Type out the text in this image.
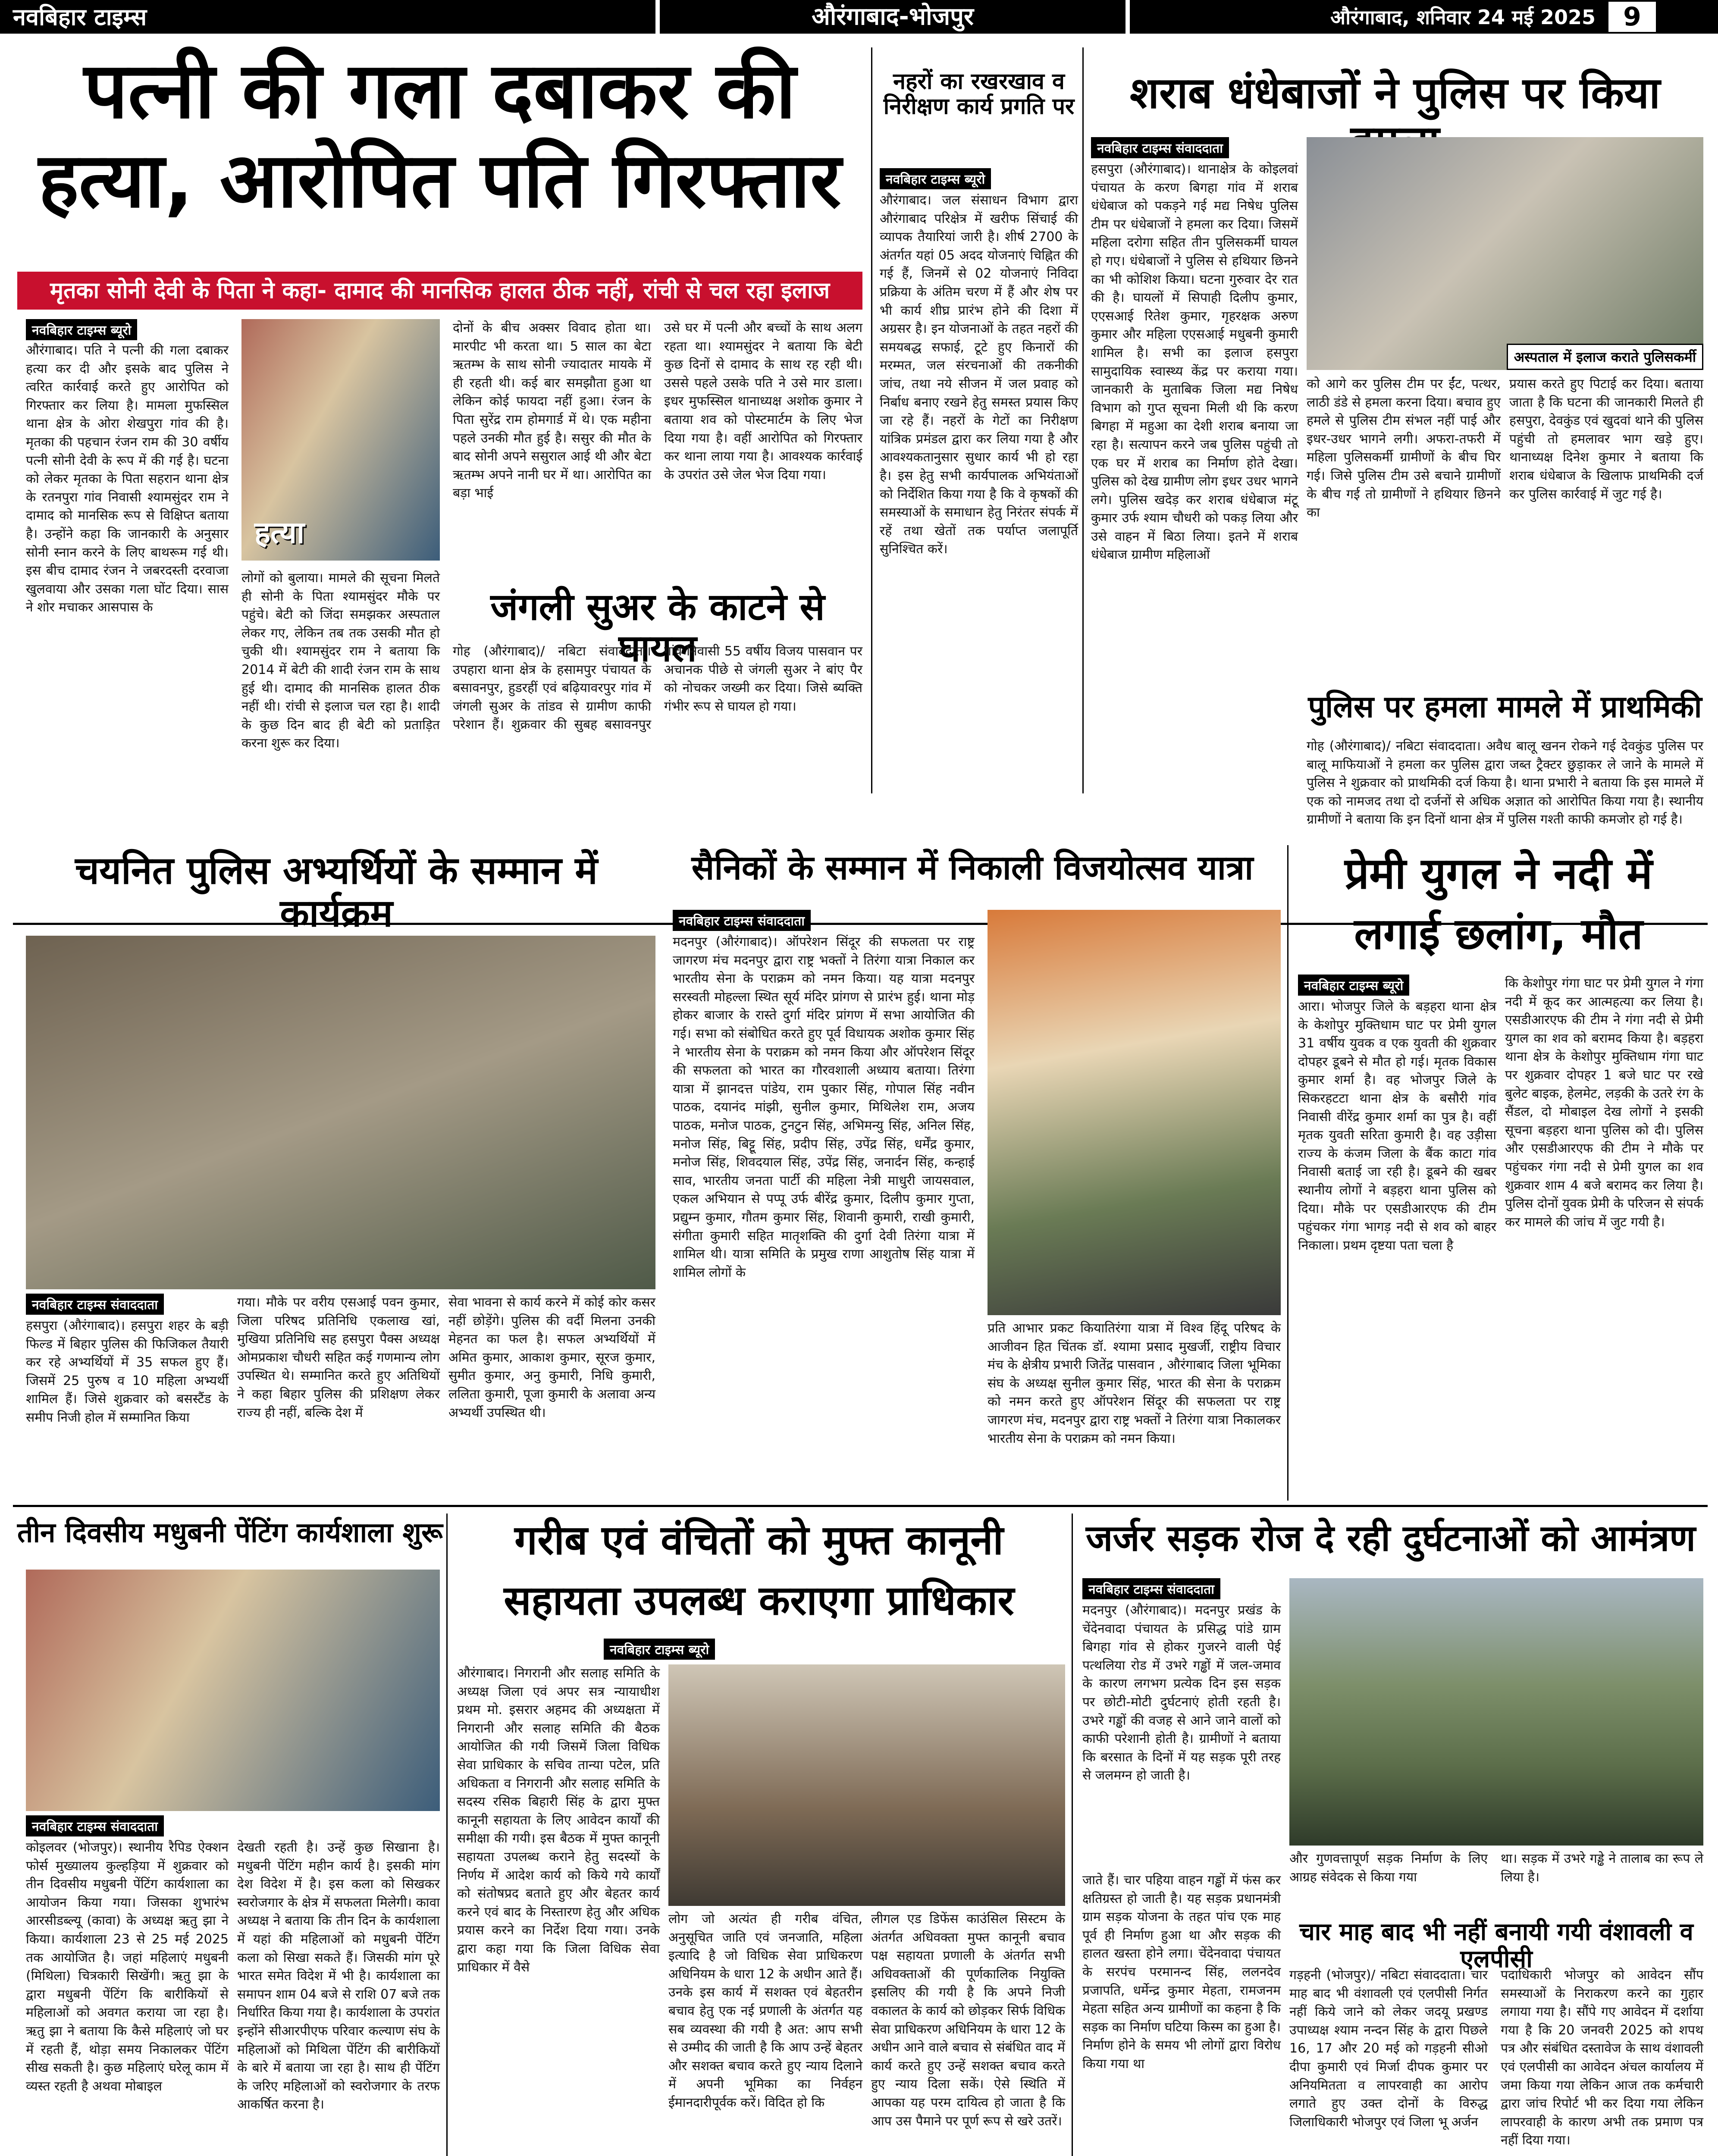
नवबिहार टाइम्स	औरंगाबाद-भोजपुर	औरंगाबाद, शनिवार 24 मई 2025	9
पत्नी की गला दबाकर की
हत्या, आरोपित पति गिरफ्तार
मृतका सोनी देवी के पिता ने कहा- दामाद की मानसिक हालत ठीक नहीं, रांची से चल रहा इलाज
नवबिहार टाइम्स ब्यूरो
औरंगाबाद। पति ने पत्नी की गला दबाकर हत्या कर दी और इसके बाद पुलिस ने त्वरित कार्रवाई करते हुए आरोपित को गिरफ्तार कर लिया है। मामला मुफस्सिल थाना क्षेत्र के ओरा शेखपुरा गांव की है। मृतका की पहचान रंजन राम की 30 वर्षीय पत्नी सोनी देवी के रूप में की गई है। घटना को लेकर मृतका के पिता सहरान थाना क्षेत्र के रतनपुरा गांव निवासी श्यामसुंदर राम ने दामाद को मानसिक रूप से विक्षिप्त बताया है। उन्होंने कहा कि जानकारी के अनुसार सोनी स्नान करने के लिए बाथरूम गई थी। इस बीच दामाद रंजन ने जबरदस्ती दरवाजा खुलवाया और उसका गला घोंट दिया। सास ने शोर मचाकर आसपास के
हत्या
लोगों को बुलाया। मामले की सूचना मिलते ही सोनी के पिता श्यामसुंदर मौके पर पहुंचे। बेटी को जिंदा समझकर अस्पताल लेकर गए, लेकिन तब तक उसकी मौत हो चुकी थी। श्यामसुंदर राम ने बताया कि 2014 में बेटी की शादी रंजन राम के साथ हुई थी। दामाद की मानसिक हालत ठीक नहीं थी। रांची से इलाज चल रहा है। शादी के कुछ दिन बाद ही बेटी को प्रताड़ित करना शुरू कर दिया।
दोनों के बीच अक्सर विवाद होता था। मारपीट भी करता था। 5 साल का बेटा ऋतम्भ के साथ सोनी ज्यादातर मायके में ही रहती थी। कई बार समझौता हुआ था लेकिन कोई फायदा नहीं हुआ। रंजन के पिता सुरेंद्र राम होमगार्ड में थे। एक महीना पहले उनकी मौत हुई है। ससुर की मौत के बाद सोनी अपने ससुराल आई थी और बेटा ऋतम्भ अपने नानी घर में था। आरोपित का बड़ा भाई
उसे घर में पत्नी और बच्चों के साथ अलग रहता था। श्यामसुंदर ने बताया कि बेटी कुछ दिनों से दामाद के साथ रह रही थी। उससे पहले उसके पति ने उसे मार डाला। इधर मुफस्सिल थानाध्यक्ष अशोक कुमार ने बताया शव को पोस्टमार्टम के लिए भेज दिया गया है। वहीं आरोपित को गिरफ्तार कर थाना लाया गया है। आवश्यक कार्रवाई के उपरांत उसे जेल भेज दिया गया।
जंगली सुअर के काटने से घायल
गोह (औरंगाबाद)/ नबिटा संवाददाता। उपहारा थाना क्षेत्र के हसामपुर पंचायत के बसावनपुर, हुडरहीं एवं बढ़ियावरपुर गांव में जंगली सुअर के तांडव से ग्रामीण काफी परेशान हैं। शुक्रवार की सुबह बसावनपुर गांव निवासी 55 वर्षीय विजय पासवान पर अचानक पीछे से जंगली सुअर ने बांए पैर को नोचकर जख्मी कर दिया। जिसे ब्यक्ति गंभीर रूप से घायल हो गया।
नहरों का रखरखाव व निरीक्षण कार्य प्रगति पर
नवबिहार टाइम्स ब्यूरो
औरंगाबाद। जल संसाधन विभाग द्वारा औरंगाबाद परिक्षेत्र में खरीफ सिंचाई की व्यापक तैयारियां जारी है। शीर्ष 2700 के अंतर्गत यहां 05 अदद योजनाएं चिह्नित की गई हैं, जिनमें से 02 योजनाएं निविदा प्रक्रिया के अंतिम चरण में हैं और शेष पर भी कार्य शीघ्र प्रारंभ होने की दिशा में अग्रसर है। इन योजनाओं के तहत नहरों की समयबद्ध सफाई, टूटे हुए किनारों की मरम्मत, जल संरचनाओं की तकनीकी जांच, तथा नये सीजन में जल प्रवाह को निर्बाध बनाए रखने हेतु समस्त प्रयास किए जा रहे हैं। नहरों के गेटों का निरीक्षण यांत्रिक प्रमंडल द्वारा कर लिया गया है और आवश्यकतानुसार सुधार कार्य भी हो रहा है। इस हेतु सभी कार्यपालक अभियंताओं को निर्देशित किया गया है कि वे कृषकों की समस्याओं के समाधान हेतु निरंतर संपर्क में रहें तथा खेतों तक पर्याप्त जलापूर्ति सुनिश्चित करें।
शराब धंधेबाजों ने पुलिस पर किया
नवबिहार टाइम्स संवाददाता
हसपुरा (औरंगाबाद)। थानाक्षेत्र के कोइलवां पंचायत के करण बिगहा गांव में शराब धंधेबाज को पकड़ने गई मद्य निषेध पुलिस टीम पर धंधेबाजों ने हमला कर दिया। जिसमें महिला दरोगा सहित तीन पुलिसकर्मी घायल हो गए। धंधेबाजों ने पुलिस से हथियार छिनने का भी कोशिश किया। घटना गुरुवार देर रात की है। घायलों में सिपाही दिलीप कुमार, एएसआई रितेश कुमार, गृहरक्षक अरुण कुमार और महिला एएसआई मधुबनी कुमारी शामिल है। सभी का इलाज हसपुरा सामुदायिक स्वास्थ्य केंद्र पर कराया गया। जानकारी के मुताबिक जिला मद्य निषेध विभाग को गुप्त सूचना मिली थी कि करण बिगहा में महुआ का देशी शराब बनाया जा रहा है। सत्यापन करने जब पुलिस पहुंची तो एक घर में शराब का निर्माण होते देखा। पुलिस को देख ग्रामीण लोग इधर उधर भागने लगे। पुलिस खदेड़ कर शराब धंधेबाज मंटू कुमार उर्फ श्याम चौधरी को पकड़ लिया और उसे वाहन में बिठा लिया। इतने में शराब धंधेबाज ग्रामीण महिलाओं
अस्पताल में इलाज कराते पुलिसकर्मी
को आगे कर पुलिस टीम पर ईंट, पत्थर, लाठी डंडे से हमला करना दिया। बचाव हुए हमले से पुलिस टीम संभल नहीं पाई और इधर-उधर भागने लगी। अफरा-तफरी में महिला पुलिसकर्मी ग्रामीणों के बीच घिर गई। जिसे पुलिस टीम उसे बचाने ग्रामीणों के बीच गई तो ग्रामीणों ने हथियार छिनने का
प्रयास करते हुए पिटाई कर दिया। बताया जाता है कि घटना की जानकारी मिलते ही हसपुरा, देवकुंड एवं खुदवां थाने की पुलिस पहुंची तो हमलावर भाग खड़े हुए। थानाध्यक्ष दिनेश कुमार ने बताया कि शराब धंधेबाज के खिलाफ प्राथमिकी दर्ज कर पुलिस कार्रवाई में जुट गई है।
पुलिस पर हमला मामले में प्राथमिकी
गोह (औरंगाबाद)/ नबिटा संवाददाता। अवैध बालू खनन रोकने गई देवकुंड पुलिस पर बालू माफियाओं ने हमला कर पुलिस द्वारा जब्त ट्रैक्टर छुड़ाकर ले जाने के मामले में पुलिस ने शुक्रवार को प्राथमिकी दर्ज किया है। थाना प्रभारी ने बताया कि इस मामले में एक को नामजद तथा दो दर्जनों से अधिक अज्ञात को आरोपित किया गया है। स्थानीय ग्रामीणों ने बताया कि इन दिनों थाना क्षेत्र में पुलिस गश्ती काफी कमजोर हो गई है।
चयनित पुलिस अभ्यर्थियों के सम्मान में कार्यक्रम
नवबिहार टाइम्स संवाददाता
हसपुरा (औरंगाबाद)। हसपुरा शहर के बड़ी फिल्ड में बिहार पुलिस की फिजिकल तैयारी कर रहे अभ्यर्थियों में 35 सफल हुए हैं। जिसमें 25 पुरुष व 10 महिला अभ्यर्थी शामिल हैं। जिसे शुक्रवार को बसस्टैंड के समीप निजी होल में सम्मानित किया
गया। मौके पर वरीय एसआई पवन कुमार, जिला परिषद प्रतिनिधि एकलाख खां, मुखिया प्रतिनिधि सह हसपुरा पैक्स अध्यक्ष ओमप्रकाश चौधरी सहित कई गणमान्य लोग उपस्थित थे। सम्मानित करते हुए अतिथियों ने कहा बिहार पुलिस की प्रशिक्षण लेकर राज्य ही नहीं, बल्कि देश में
सेवा भावना से कार्य करने में कोई कोर कसर नहीं छोड़ेंगे। पुलिस की वर्दी मिलना उनकी मेहनत का फल है। सफल अभ्यर्थियों में अमित कुमार, आकाश कुमार, सूरज कुमार, सुमीत कुमार, अनु कुमारी, निधि कुमारी, ललिता कुमारी, पूजा कुमारी के अलावा अन्य अभ्यर्थी उपस्थित थी।
सैनिकों के सम्मान में निकाली विजयोत्सव यात्रा
नवबिहार टाइम्स संवाददाता
मदनपुर (औरंगाबाद)। ऑपरेशन सिंदूर की सफलता पर राष्ट्र जागरण मंच मदनपुर द्वारा राष्ट्र भक्तों ने तिरंगा यात्रा निकाल कर भारतीय सेना के पराक्रम को नमन किया। यह यात्रा मदनपुर सरस्वती मोहल्ला स्थित सूर्य मंदिर प्रांगण से प्रारंभ हुई। थाना मोड़ होकर बाजार के रास्ते दुर्गा मंदिर प्रांगण में सभा आयोजित की गई। सभा को संबोधित करते हुए पूर्व विधायक अशोक कुमार सिंह ने भारतीय सेना के पराक्रम को नमन किया और ऑपरेशन सिंदूर की सफलता को भारत का गौरवशाली अध्याय बताया। तिरंगा यात्रा में झानदत्त पांडेय, राम पुकार सिंह, गोपाल सिंह नवीन पाठक, दयानंद मांझी, सुनील कुमार, मिथिलेश राम, अजय पाठक, मनोज पाठक, टुनटुन सिंह, अभिमन्यु सिंह, अनिल सिंह, मनोज सिंह, बिट्टू सिंह, प्रदीप सिंह, उपेंद्र सिंह, धर्मेंद्र कुमार, मनोज सिंह, शिवदयाल सिंह, उपेंद्र सिंह, जनार्दन सिंह, कन्हाई साव, भारतीय जनता पार्टी की महिला नेत्री माधुरी जायसवाल, एकल अभियान से पप्पू उर्फ बीरेंद्र कुमार, दिलीप कुमार गुप्ता, प्रद्युम्न कुमार, गौतम कुमार सिंह, शिवानी कुमारी, राखी कुमारी, संगीता कुमारी सहित मातृशक्ति की दुर्गा देवी तिरंगा यात्रा में शामिल थी। यात्रा समिति के प्रमुख राणा आशुतोष सिंह यात्रा में शामिल लोगों के
प्रति आभार प्रकट कियातिरंगा यात्रा में विश्व हिंदू परिषद के आजीवन हित चिंतक डॉ. श्यामा प्रसाद मुखर्जी, राष्ट्रीय विचार मंच के क्षेत्रीय प्रभारी जितेंद्र पासवान , औरंगाबाद जिला भूमिका संघ के अध्यक्ष सुनील कुमार सिंह, भारत की सेना के पराक्रम को नमन करते हुए ऑपरेशन सिंदूर की सफलता पर राष्ट्र जागरण मंच, मदनपुर द्वारा राष्ट्र भक्तों ने तिरंगा यात्रा निकालकर भारतीय सेना के पराक्रम को नमन किया।
प्रेमी युगल ने नदी में
लगाई छलांग, मौत
नवबिहार टाइम्स ब्यूरो
आरा। भोजपुर जिले के बड़हरा थाना क्षेत्र के केशोपुर मुक्तिधाम घाट पर प्रेमी युगल 31 वर्षीय युवक व एक युवती की शुक्रवार दोपहर डूबने से मौत हो गई। मृतक विकास कुमार शर्मा है। वह भोजपुर जिले के सिकरहटटा थाना क्षेत्र के बसौरी गांव निवासी वीरेंद्र कुमार शर्मा का पुत्र है। वहीं मृतक युवती सरिता कुमारी है। वह उड़ीसा राज्य के कंजम जिला के बैंक काटा गांव निवासी बताई जा रही है। डूबने की खबर स्थानीय लोगों ने बड़हरा थाना पुलिस को दिया। मौके पर एसडीआरएफ की टीम पहुंचकर गंगा भागड़ नदी से शव को बाहर निकाला। प्रथम दृष्टया पता चला है
कि केशोपुर गंगा घाट पर प्रेमी युगल ने गंगा नदी में कूद कर आत्महत्या कर लिया है। एसडीआरएफ की टीम ने गंगा नदी से प्रेमी युगल का शव को बरामद किया है। बड़हरा थाना क्षेत्र के केशोपुर मुक्तिधाम गंगा घाट पर शुक्रवार दोपहर 1 बजे घाट पर रखे बुलेट बाइक, हेलमेट, लड़की के उतरे रंग के सैंडल, दो मोबाइल देख लोगों ने इसकी सूचना बड़हरा थाना पुलिस को दी। पुलिस और एसडीआरएफ की टीम ने मौके पर पहुंचकर गंगा नदी से प्रेमी युगल का शव शुक्रवार शाम 4 बजे बरामद कर लिया है। पुलिस दोनों युवक प्रेमी के परिजन से संपर्क कर मामले की जांच में जुट गयी है।
तीन दिवसीय मधुबनी पेंटिंग कार्यशाला शुरू
नवबिहार टाइम्स संवाददाता
कोइलवर (भोजपुर)। स्थानीय रैपिड ऐक्शन फोर्स मुख्यालय कुल्हड़िया में शुक्रवार को तीन दिवसीय मधुबनी पेंटिंग कार्यशाला का आयोजन किया गया। जिसका शुभारंभ आरसीडब्ल्यू (कावा) के अध्यक्ष ऋतु झा ने किया। कार्यशाला 23 से 25 मई 2025 तक आयोजित है। जहां महिलाएं मधुबनी (मिथिला) चित्रकारी सिखेंगी। ऋतु झा के द्वारा मधुबनी पेंटिंग कि बारीकियों से महिलाओं को अवगत कराया जा रहा है। ऋतु झा ने बताया कि कैसे महिलाएं जो घर में रहती हैं, थोड़ा समय निकालकर पेंटिंग सीख सकती है। कुछ महिलाएं घरेलू काम में व्यस्त रहती है अथवा मोबाइल
देखती रहती है। उन्हें कुछ सिखाना है। मधुबनी पेंटिंग महीन कार्य है। इसकी मांग देश विदेश में है। इस कला को सिखकर स्वरोजगार के क्षेत्र में सफलता मिलेगी। कावा अध्यक्ष ने बताया कि तीन दिन के कार्यशाला में यहां की महिलाओं को मधुबनी पेंटिंग कला को सिखा सकते हैं। जिसकी मांग पूरे भारत समेत विदेश में भी है। कार्यशाला का समापन शाम 04 बजे से राशि 07 बजे तक निर्धारित किया गया है। कार्यशाला के उपरांत इन्होंने सीआरपीएफ परिवार कल्याण संघ के महिलाओं को मिथिला पेंटिंग की बारीकियों के बारे में बताया जा रहा है। साथ ही पेंटिंग के जरिए महिलाओं को स्वरोजगार के तरफ आकर्षित करना है।
गरीब एवं वंचितों को मुफ्त कानूनी
सहायता उपलब्ध कराएगा प्राधिकार
नवबिहार टाइम्स ब्यूरो
औरंगाबाद। निगरानी और सलाह समिति के अध्यक्ष जिला एवं अपर सत्र न्यायाधीश प्रथम मो. इसरार अहमद की अध्यक्षता में निगरानी और सलाह समिति की बैठक आयोजित की गयी जिसमें जिला विधिक सेवा प्राधिकार के सचिव तान्या पटेल, प्रति अधिकता व निगरानी और सलाह समिति के सदस्य रसिक बिहारी सिंह के द्वारा मुफ्त कानूनी सहायता के लिए आवेदन कार्यों की समीक्षा की गयी। इस बैठक में मुफ्त कानूनी सहायता उपलब्ध कराने हेतु सदस्यों के निर्णय में आदेश कार्य को किये गये कार्यों को संतोषप्रद बताते हुए और बेहतर कार्य करने एवं बाद के निस्तारण हेतु और अधिक प्रयास करने का निर्देश दिया गया। उनके द्वारा कहा गया कि जिला विधिक सेवा प्राधिकार में वैसे
लोग जो अत्यंत ही गरीब वंचित, अनुसूचित जाति एवं जनजाति, महिला इत्यादि है जो विधिक सेवा प्राधिकरण अधिनियम के धारा 12 के अधीन आते हैं। उनके इस कार्य में सशक्त एवं बेहतरीन बचाव हेतु एक नई प्रणाली के अंतर्गत यह सब व्यवस्था की गयी है अत: आप सभी से उम्मीद की जाती है कि आप उन्हें बेहतर और सशक्त बचाव करते हुए न्याय दिलाने में अपनी भूमिका का निर्वहन ईमानदारीपूर्वक करें। विदित हो कि
लीगल एड डिफेंस काउंसिल सिस्टम के अंतर्गत अधिवक्ता मुफ्त कानूनी बचाव पक्ष सहायता प्रणाली के अंतर्गत सभी अधिवक्ताओं की पूर्णकालिक नियुक्ति इसलिए की गयी है कि अपने निजी वकालत के कार्य को छोड़कर सिर्फ विधिक सेवा प्राधिकरण अधिनियम के धारा 12 के अधीन आने वाले बचाव से संबंधित वाद में कार्य करते हुए उन्हें सशक्त बचाव करते हुए न्याय दिला सकें। ऐसे स्थिति में आपका यह परम दायित्व हो जाता है कि आप उस पैमाने पर पूर्ण रूप से खरे उतरें।
जर्जर सड़क रोज दे रही दुर्घटनाओं को आमंत्रण
नवबिहार टाइम्स संवाददाता
मदनपुर (औरंगाबाद)। मदनपुर प्रखंड के चेंदेनवादा पंचायत के प्रसिद्ध पांडे ग्राम बिगहा गांव से होकर गुजरने वाली पेई पत्थलिया रोड में उभरे गड्ढों में जल-जमाव के कारण लगभग प्रत्येक दिन इस सड़क पर छोटी-मोटी दुर्घटनाएं होती रहती है। उभरे गड्ढों की वजह से आने जाने वालों को काफी परेशानी होती है। ग्रामीणों ने बताया कि बरसात के दिनों में यह सड़क पूरी तरह से जलमग्न हो जाती है।
जाते हैं। चार पहिया वाहन गड्ढों में फंस कर क्षतिग्रस्त हो जाती है। यह सड़क प्रधानमंत्री ग्राम सड़क योजना के तहत पांच एक माह पूर्व ही निर्माण हुआ था और सड़क की हालत खस्ता होने लगा। चेंदेनवादा पंचायत के सरपंच परमानन्द सिंह, ललनदेव प्रजापति, धर्मेन्द्र कुमार मेहता, रामजनम मेहता सहित अन्य ग्रामीणों का कहना है कि सड़क का निर्माण घटिया किस्म का हुआ है। निर्माण होने के समय भी लोगों द्वारा विरोध किया गया था
और गुणवत्तापूर्ण सड़क निर्माण के लिए आग्रह संवेदक से किया गया
था। सड़क में उभरे गड्ढे ने तालाब का रूप ले लिया है।
चार माह बाद भी नहीं बनायी गयी वंशावली व एलपीसी
गड़हनी (भोजपुर)/ नबिटा संवाददाता। चार माह बाद भी वंशावली एवं एलपीसी निर्गत नहीं किये जाने को लेकर जदयू प्रखण्ड उपाध्यक्ष श्याम नन्दन सिंह के द्वारा पिछले 16, 17 और 20 मई को गड़हनी सीओ दीपा कुमारी एवं मिर्जा दीपक कुमार पर अनियमितता व लापरवाही का आरोप लगाते हुए उक्त दोनों के विरुद्ध जिलाधिकारी भोजपुर एवं जिला भू अर्जन
पदाधिकारी भोजपुर को आवेदन सौंप समस्याओं के निराकरण करने का गुहार लगाया गया है। सौंपे गए आवेदन में दर्शाया गया है कि 20 जनवरी 2025 को शपथ पत्र और संबंधित दस्तावेज के साथ वंशावली एवं एलपीसी का आवेदन अंचल कार्यालय में जमा किया गया लेकिन आज तक कर्मचारी द्वारा जांच रिपोर्ट भी कर दिया गया लेकिन लापरवाही के कारण अभी तक प्रमाण पत्र नहीं दिया गया।
